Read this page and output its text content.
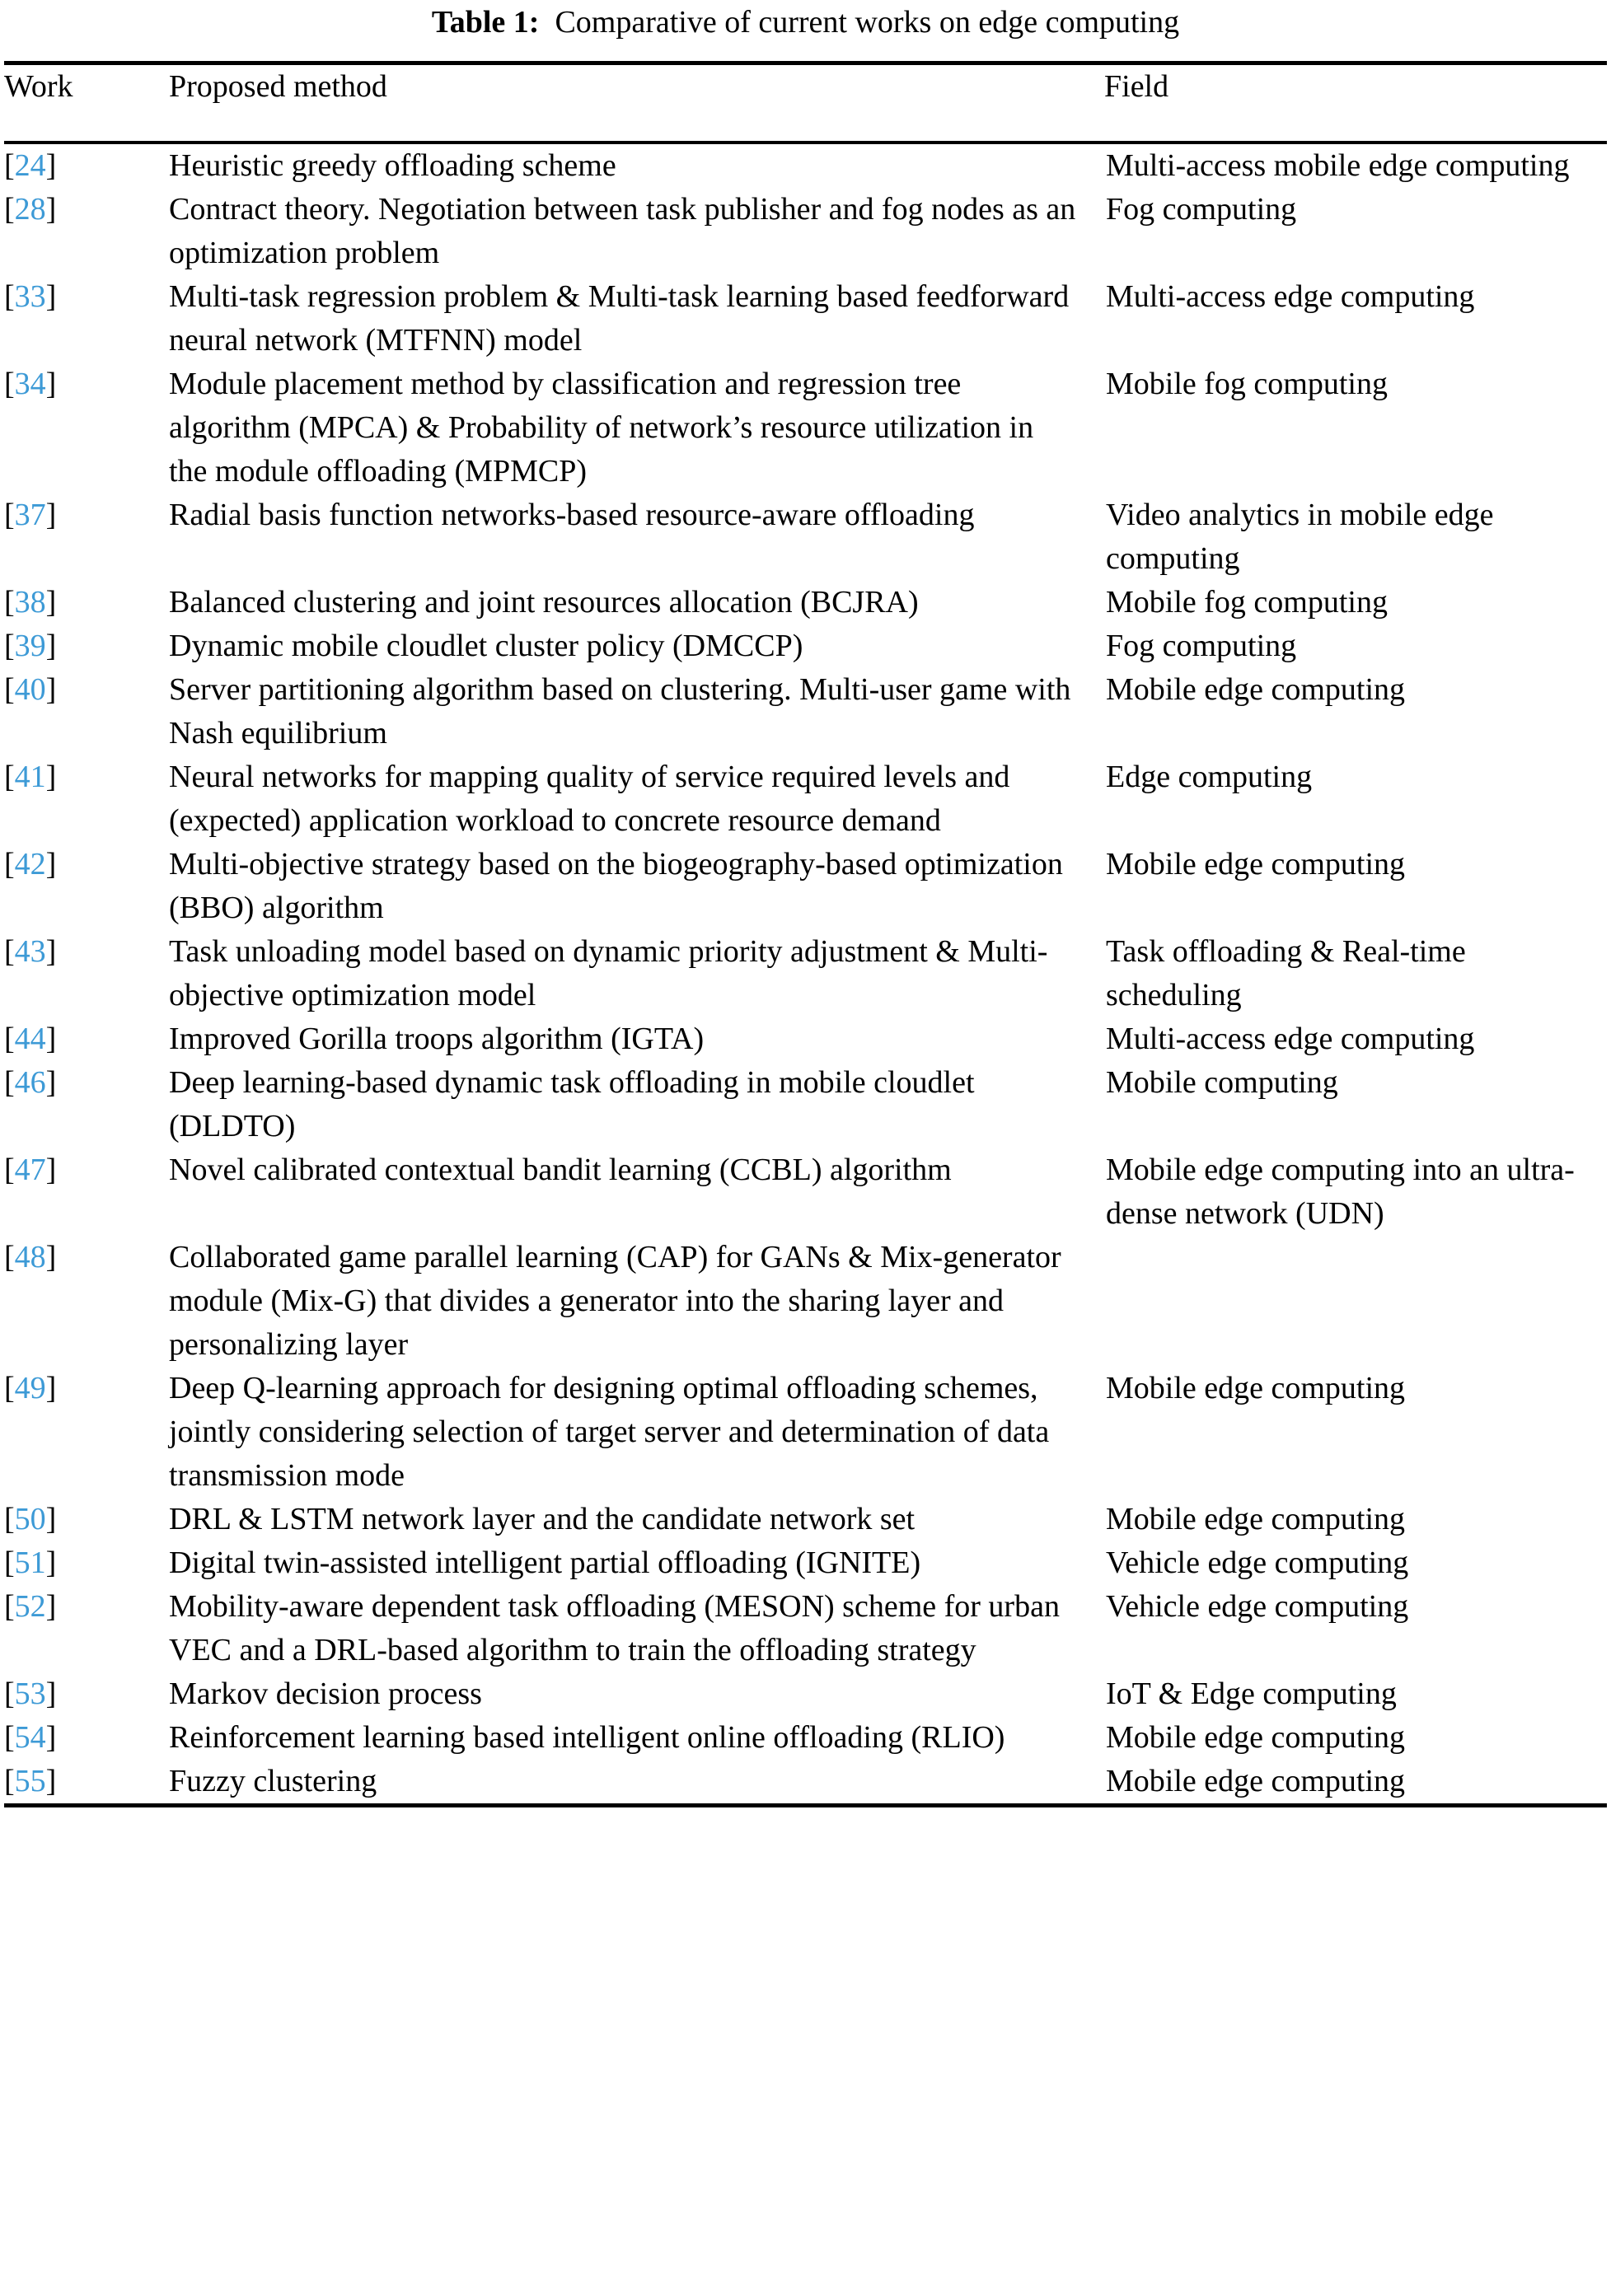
Table 1: Comparative of current works on edge computing
Work	Proposed method	Field
[24]	Heuristic greedy offloading scheme	Multi-access mobile edge computing
[28]	Contract theory. Negotiation between task publisher and fog nodes as an optimization problem	Fog computing
[33]	Multi-task regression problem & Multi-task learning based feedforward neural network (MTFNN) model	Multi-access edge computing
[34]	Module placement method by classification and regression tree algorithm (MPCA) & Probability of network’s resource utilization in the module offloading (MPMCP)	Mobile fog computing
[37]	Radial basis function networks-based resource-aware offloading	Video analytics in mobile edge computing
[38]	Balanced clustering and joint resources allocation (BCJRA)	Mobile fog computing
[39]	Dynamic mobile cloudlet cluster policy (DMCCP)	Fog computing
[40]	Server partitioning algorithm based on clustering. Multi-user game with Nash equilibrium	Mobile edge computing
[41]	Neural networks for mapping quality of service required levels and (expected) application workload to concrete resource demand	Edge computing
[42]	Multi-objective strategy based on the biogeography-based optimization (BBO) algorithm	Mobile edge computing
[43]	Task unloading model based on dynamic priority adjustment & Multi-objective optimization model	Task offloading & Real-time scheduling
[44]	Improved Gorilla troops algorithm (IGTA)	Multi-access edge computing
[46]	Deep learning-based dynamic task offloading in mobile cloudlet (DLDTO)	Mobile computing
[47]	Novel calibrated contextual bandit learning (CCBL) algorithm	Mobile edge computing into an ultra-dense network (UDN)
[48]	Collaborated game parallel learning (CAP) for GANs & Mix-generator module (Mix-G) that divides a generator into the sharing layer and personalizing layer	
[49]	Deep Q-learning approach for designing optimal offloading schemes, jointly considering selection of target server and determination of data transmission mode	Mobile edge computing
[50]	DRL & LSTM network layer and the candidate network set	Mobile edge computing
[51]	Digital twin-assisted intelligent partial offloading (IGNITE)	Vehicle edge computing
[52]	Mobility-aware dependent task offloading (MESON) scheme for urban VEC and a DRL-based algorithm to train the offloading strategy	Vehicle edge computing
[53]	Markov decision process	IoT & Edge computing
[54]	Reinforcement learning based intelligent online offloading (RLIO)	Mobile edge computing
[55]	Fuzzy clustering	Mobile edge computing
